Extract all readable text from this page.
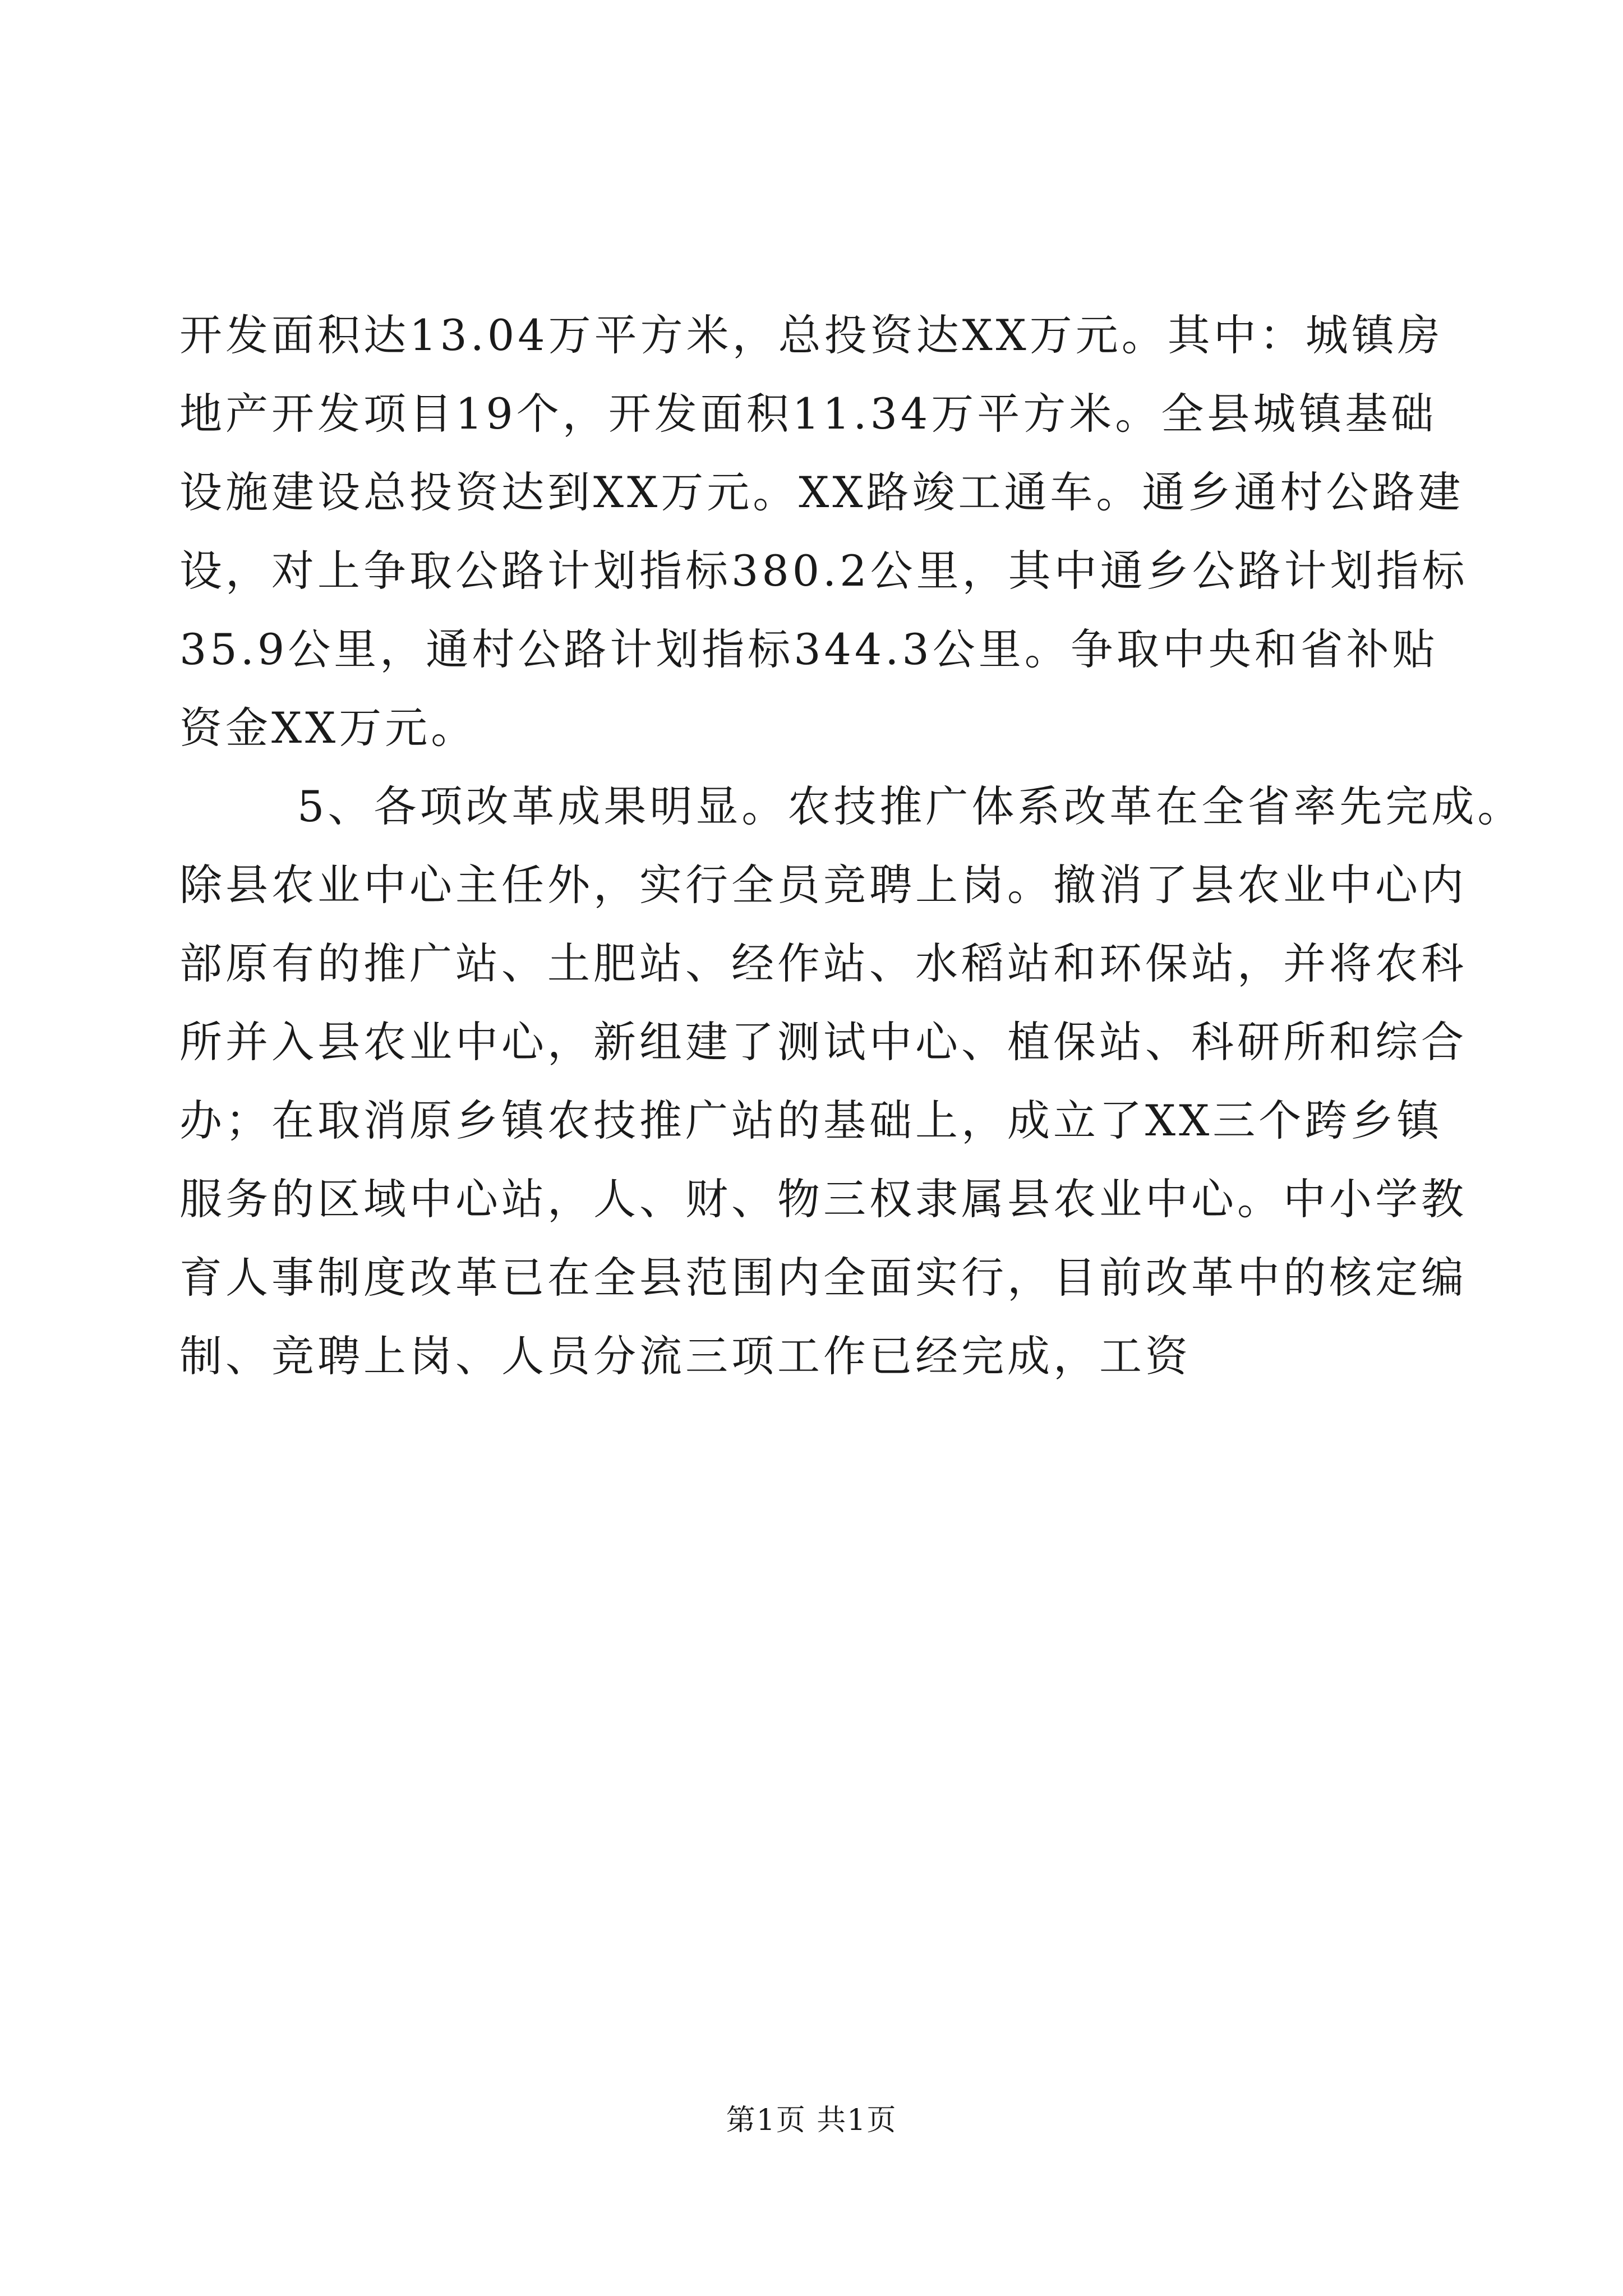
开发面积达13.04万平方米，总投资达XX万元。其中：城镇房
地产开发项目19个，开发面积11.34万平方米。全县城镇基础
设施建设总投资达到XX万元。XX路竣工通车。通乡通村公路建
设，对上争取公路计划指标380.2公里，其中通乡公路计划指标
35.9公里，通村公路计划指标344.3公里。争取中央和省补贴
资金XX万元。
5、各项改革成果明显。农技推广体系改革在全省率先完成。
除县农业中心主任外，实行全员竞聘上岗。撤消了县农业中心内
部原有的推广站、土肥站、经作站、水稻站和环保站，并将农科
所并入县农业中心，新组建了测试中心、植保站、科研所和综合
办；在取消原乡镇农技推广站的基础上，成立了XX三个跨乡镇
服务的区域中心站，人、财、物三权隶属县农业中心。中小学教
育人事制度改革已在全县范围内全面实行，目前改革中的核定编
制、竞聘上岗、人员分流三项工作已经完成，工资
第1页 共1页
